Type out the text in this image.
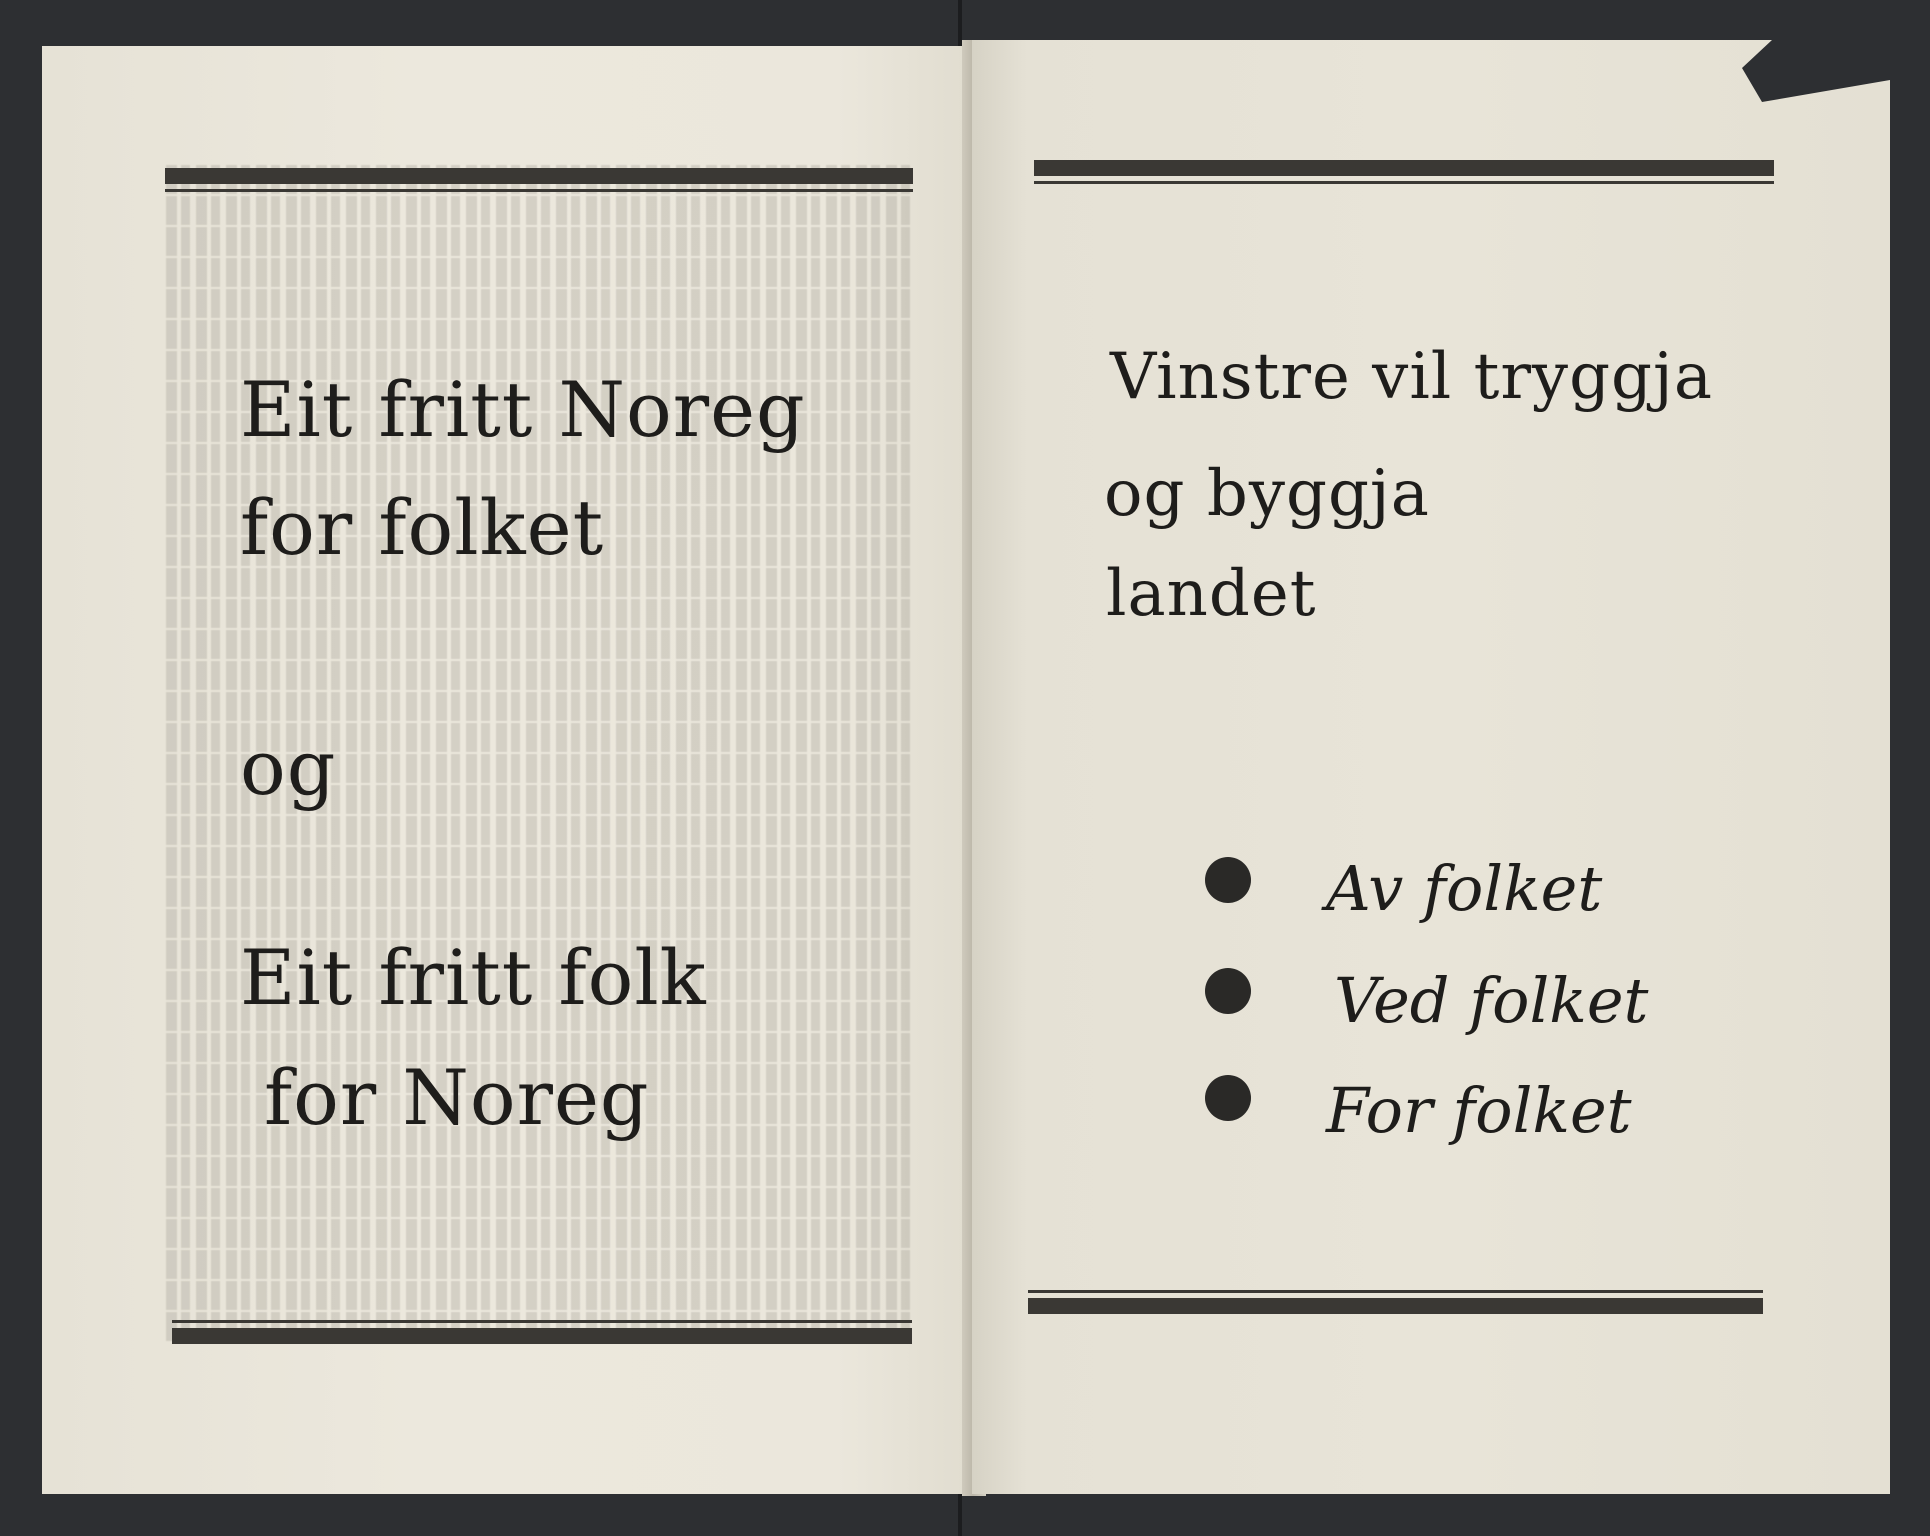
Eit fritt Noreg
for folket
og
Eit fritt folk
for Noreg
Vinstre vil tryggja
og byggja
landet
Av folket
Ved folket
For folket
